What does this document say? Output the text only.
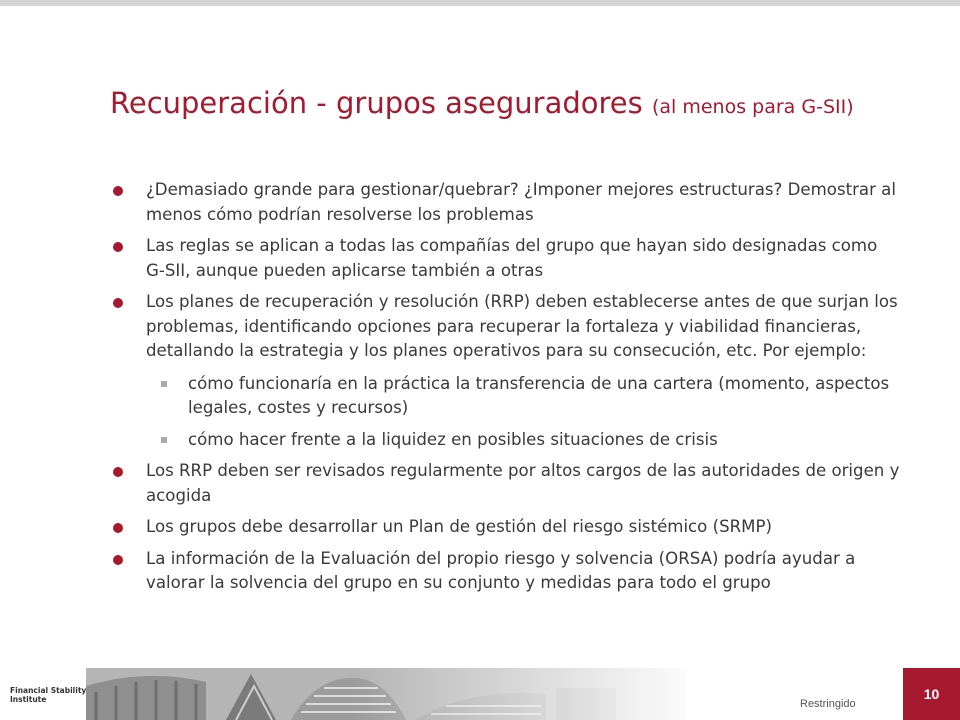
Recuperación - grupos aseguradores (al menos para G-SII)
¿Demasiado grande para gestionar/quebrar? ¿Imponer mejores estructuras? Demostrar al menos cómo podrían resolverse los problemas
Las reglas se aplican a todas las compañías del grupo que hayan sido designadas como G-SII, aunque pueden aplicarse también a otras
Los planes de recuperación y resolución (RRP) deben establecerse antes de que surjan los problemas, identificando opciones para recuperar la fortaleza y viabilidad financieras, detallando la estrategia y los planes operativos para su consecución, etc. Por ejemplo:
cómo funcionaría en la práctica la transferencia de una cartera (momento, aspectos legales, costes y recursos)
cómo hacer frente a la liquidez en posibles situaciones de crisis
Los RRP deben ser revisados regularmente por altos cargos de las autoridades de origen y acogida
Los grupos debe desarrollar un Plan de gestión del riesgo sistémico (SRMP)
La información de la Evaluación del propio riesgo y solvencia (ORSA) podría ayudar a valorar la solvencia del grupo en su conjunto y medidas para todo el grupo
Financial Stability
Institute	Restringido
10
